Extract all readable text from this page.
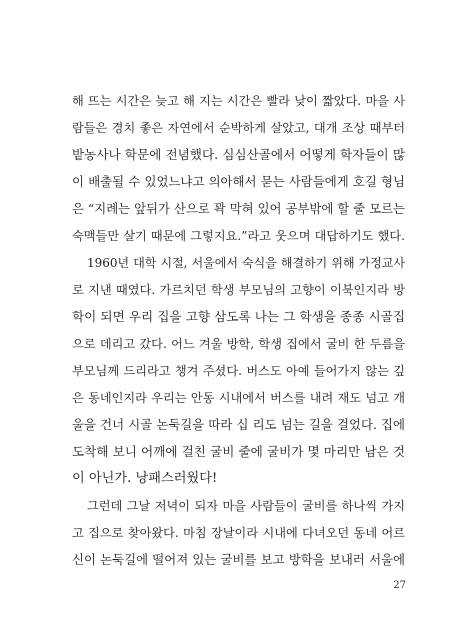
해 뜨는 시간은 늦고 해 지는 시간은 빨라 낮이 짧았다. 마을 사
람들은 경치 좋은 자연에서 순박하게 살았고, 대개 조상 때부터
밭농사나 학문에 전념했다. 심심산골에서 어떻게 학자들이 많
이 배출될 수 있었느냐고 의아해서 묻는 사람들에게 호길 형님
은 “지례는 앞뒤가 산으로 꽉 막혀 있어 공부밖에 할 줄 모르는
숙맥들만 살기 때문에 그렇지요.”라고 웃으며 대답하기도 했다.
1960년 대학 시절, 서울에서 숙식을 해결하기 위해 가정교사
로 지낸 때였다. 가르치던 학생 부모님의 고향이 이북인지라 방
학이 되면 우리 집을 고향 삼도록 나는 그 학생을 종종 시골집
으로 데리고 갔다. 어느 겨울 방학, 학생 집에서 굴비 한 두름을
부모님께 드리라고 챙겨 주셨다. 버스도 아예 들어가지 않는 깊
은 동네인지라 우리는 안동 시내에서 버스를 내려 재도 넘고 개
울을 건너 시골 논둑길을 따라 십 리도 넘는 길을 걸었다. 집에
도착해 보니 어깨에 걸친 굴비 줄에 굴비가 몇 마리만 남은 것
이 아닌가. 낭패스러웠다!
그런데 그날 저녁이 되자 마을 사람들이 굴비를 하나씩 가지
고 집으로 찾아왔다. 마침 장날이라 시내에 다녀오던 동네 어르
신이 논둑길에 떨어져 있는 굴비를 보고 방학을 보내러 서울에
27
